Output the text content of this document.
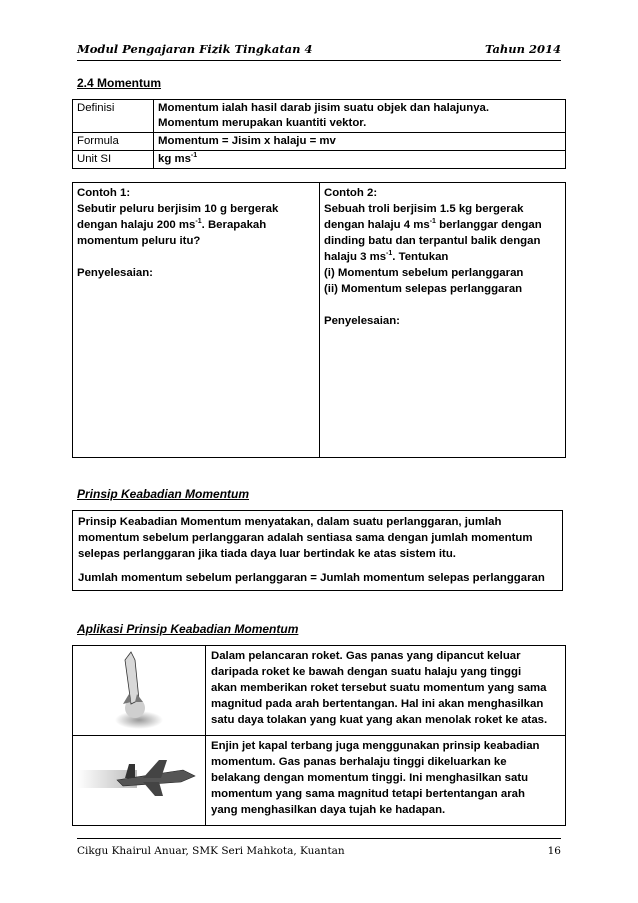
Modul Pengajaran Fizik Tingkatan 4	Tahun 2014
2.4 Momentum
Definisi	Momentum ialah hasil darab jisim suatu objek dan halajunya.
Momentum merupakan kuantiti vektor.

Formula	Momentum = Jisim x halaju = mv
Unit SI	kg $ms^{-1}$
Contoh 1:
Sebutir peluru berjisim 10 g bergerak
dengan halaju 200 $ms^{-1}$. Berapakah
momentum peluru itu?
Penyelesaian:

Contoh 2:
Sebuah troli berjisim 1.5 kg bergerak
dengan halaju 4 $ms^{-1}$ berlanggar dengan
dinding batu dan terpantul balik dengan
halaju 3 $ms^{-1}$. Tentukan
(i) Momentum sebelum perlanggaran
(ii) Momentum selepas perlanggaran
Penyelesaian:
Prinsip Keabadian Momentum
Prinsip Keabadian Momentum menyatakan, dalam suatu perlanggaran, jumlah
momentum sebelum perlanggaran adalah sentiasa sama dengan jumlah momentum
selepas perlanggaran jika tiada daya luar bertindak ke atas sistem itu.
Jumlah momentum sebelum perlanggaran = Jumlah momentum selepas perlanggaran
Aplikasi Prinsip Keabadian Momentum

Dalam pelancaran roket. Gas panas yang dipancut keluar
daripada roket ke bawah dengan suatu halaju yang tinggi
akan memberikan roket tersebut suatu momentum yang sama
magnitud pada arah bertentangan. Hal ini akan menghasilkan
satu daya tolakan yang kuat yang akan menolak roket ke atas.

Enjin jet kapal terbang juga menggunakan prinsip keabadian
momentum. Gas panas berhalaju tinggi dikeluarkan ke
belakang dengan momentum tinggi. Ini menghasilkan satu
momentum yang sama magnitud tetapi bertentangan arah
yang menghasilkan daya tujah ke hadapan.
Cikgu Khairul Anuar, SMK Seri Mahkota, Kuantan	16
